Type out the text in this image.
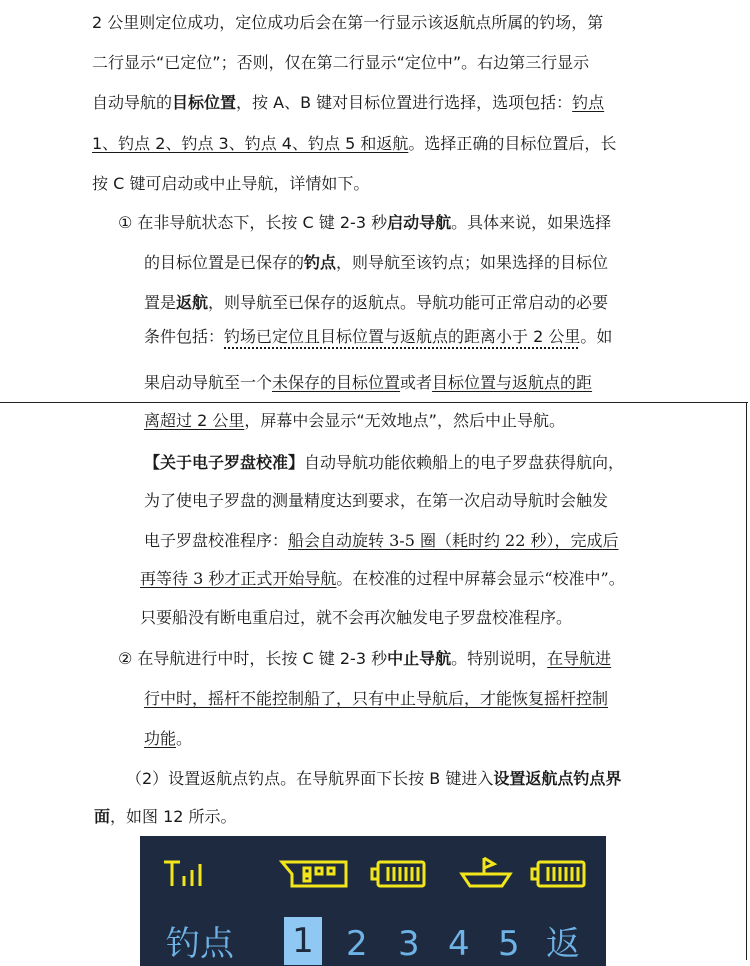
2 公里则定位成功，定位成功后会在第一行显示该返航点所属的钓场，第
二行显示“已定位”；否则，仅在第二行显示“定位中”。右边第三行显示
自动导航的目标位置，按 A、B 键对目标位置进行选择，选项包括：钓点
1、钓点 2、钓点 3、钓点 4、钓点 5 和返航。选择正确的目标位置后，长
按 C 键可启动或中止导航，详情如下。
① 在非导航状态下，长按 C 键 2-3 秒启动导航。具体来说，如果选择
的目标位置是已保存的钓点，则导航至该钓点；如果选择的目标位
置是返航，则导航至已保存的返航点。导航功能可正常启动的必要
条件包括：钓场已定位且目标位置与返航点的距离小于 2 公里。如
果启动导航至一个未保存的目标位置或者目标位置与返航点的距
离超过 2 公里，屏幕中会显示“无效地点”，然后中止导航。
【关于电子罗盘校准】自动导航功能依赖船上的电子罗盘获得航向，
为了使电子罗盘的测量精度达到要求，在第一次启动导航时会触发
电子罗盘校准程序：船会自动旋转 3-5 圈（耗时约 22 秒），完成后
再等待 3 秒才正式开始导航。在校准的过程中屏幕会显示“校准中”。
只要船没有断电重启过，就不会再次触发电子罗盘校准程序。
② 在导航进行中时，长按 C 键 2-3 秒中止导航。特别说明，在导航进
行中时，摇杆不能控制船了，只有中止导航后，才能恢复摇杆控制
功能。
（2）设置返航点钓点。在导航界面下长按 B 键进入设置返航点钓点界
面，如图 12 所示。
钓点 1 2 3 4 5 返
